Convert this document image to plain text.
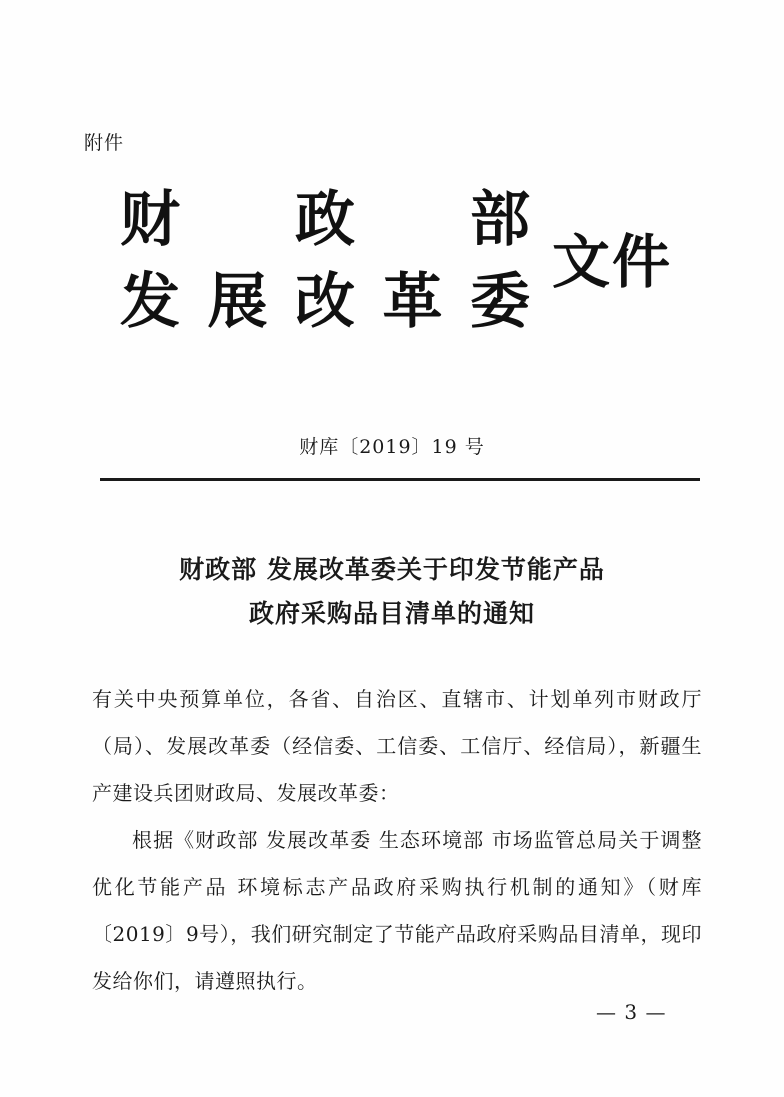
附件
财 政 部
发 展 改 革 委
文件
财库〔2019〕19 号
财政部 发展改革委关于印发节能产品
政府采购品目清单的通知

有关中央预算单位，各省、自治区、直辖市、计划单列市财政厅（局）、发展改革委（经信委、工信委、工信厅、经信局），新疆生产建设兵团财政局、发展改革委：

根据《财政部 发展改革委 生态环境部 市场监管总局关于调整优化节能产品 环境标志产品政府采购执行机制的通知》（财库〔2019〕9号），我们研究制定了节能产品政府采购品目清单，现印发给你们，请遵照执行。

— 3 —
